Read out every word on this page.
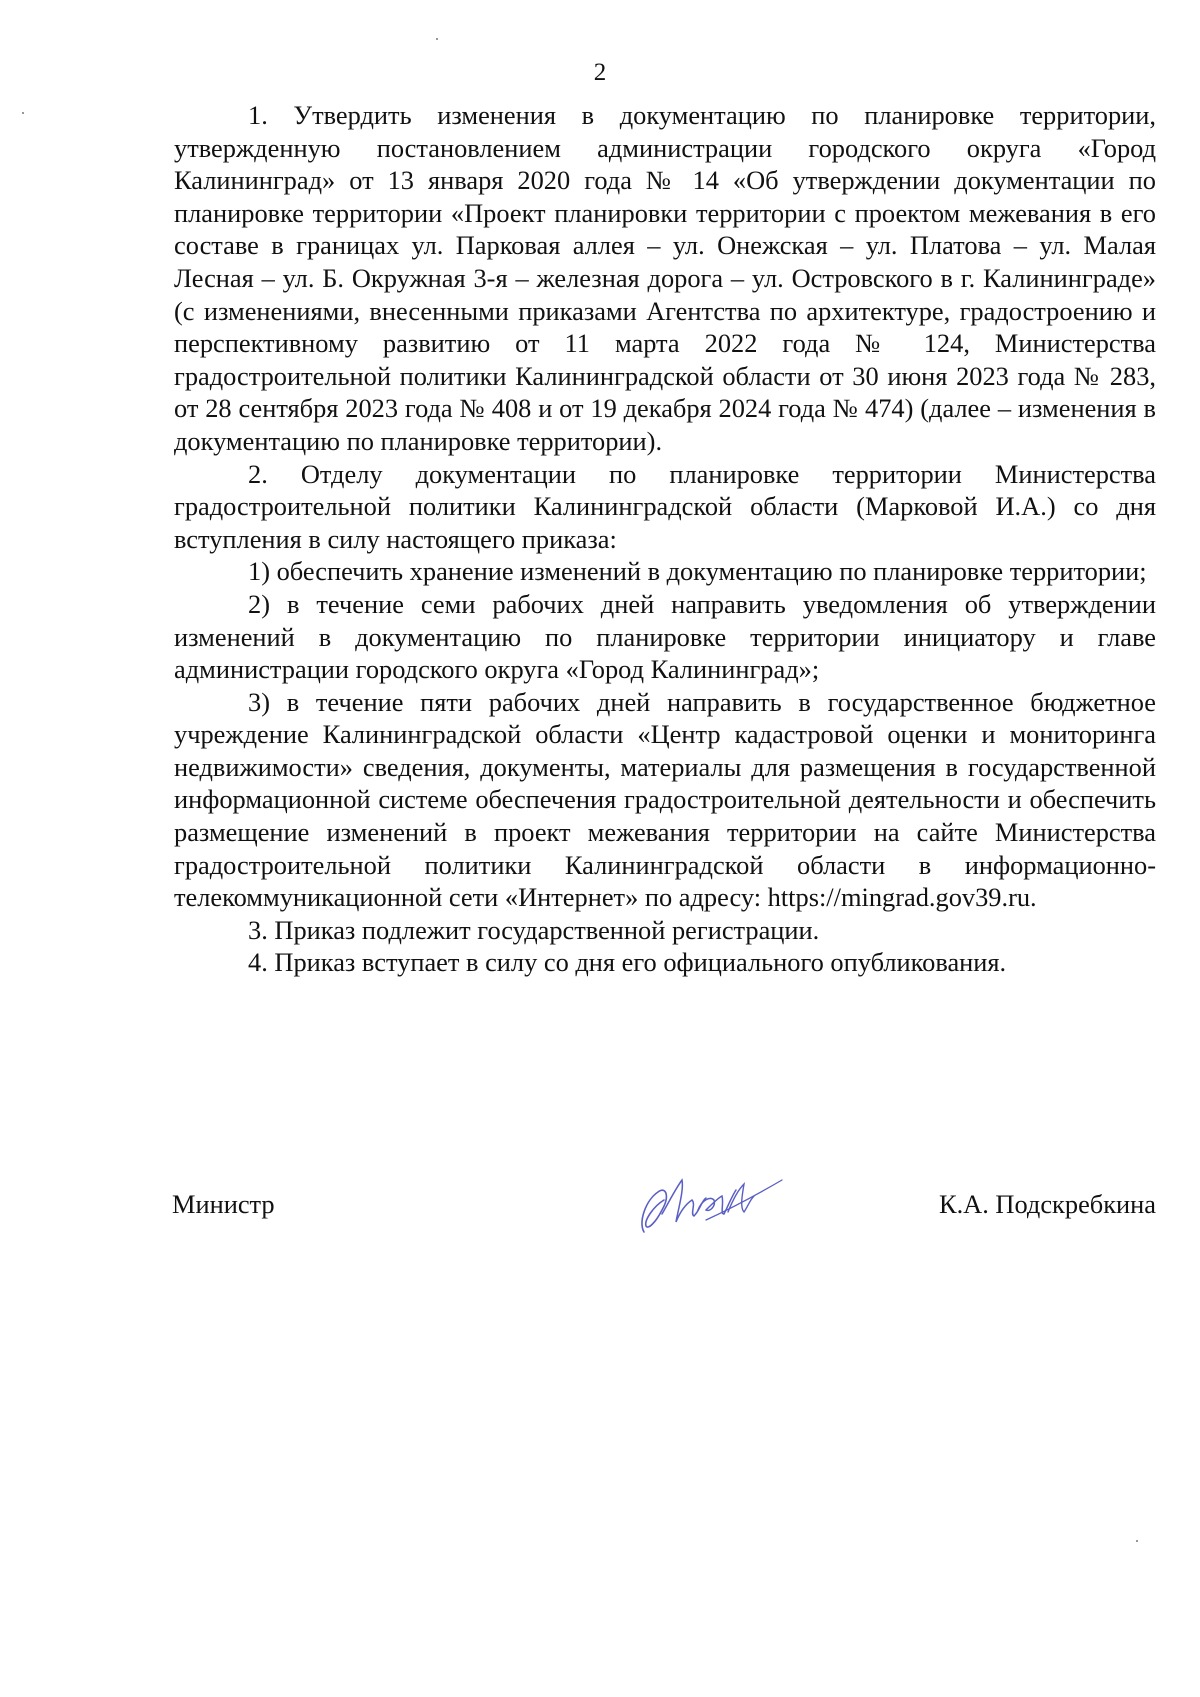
2

1. Утвердить изменения в документацию по планировке территории, утвержденную постановлением администрации городского округа «Город Калининград» от 13 января 2020 года № 14 «Об утверждении документации по планировке территории «Проект планировки территории с проектом межевания в его составе в границах ул. Парковая аллея – ул. Онежская – ул. Платова – ул. Малая Лесная – ул. Б. Окружная 3-я – железная дорога – ул. Островского в г. Калининграде» (с изменениями, внесенными приказами Агентства по архитектуре, градостроению и перспективному развитию от 11 марта 2022 года № 124, Министерства градостроительной политики Калининградской области от 30 июня 2023 года № 283, от 28 сентября 2023 года № 408 и от 19 декабря 2024 года № 474) (далее – изменения в документацию по планировке территории).

2. Отделу документации по планировке территории Министерства градостроительной политики Калининградской области (Марковой И.А.) со дня вступления в силу настоящего приказа:

1) обеспечить хранение изменений в документацию по планировке территории;

2) в течение семи рабочих дней направить уведомления об утверждении изменений в документацию по планировке территории инициатору и главе администрации городского округа «Город Калининград»;

3) в течение пяти рабочих дней направить в государственное бюджетное учреждение Калининградской области «Центр кадастровой оценки и мониторинга недвижимости» сведения, документы, материалы для размещения в государственной информационной системе обеспечения градостроительной деятельности и обеспечить размещение изменений в проект межевания территории на сайте Министерства градостроительной политики Калининградской области в информационно-телекоммуникационной сети «Интернет» по адресу: https://mingrad.gov39.ru.

3. Приказ подлежит государственной регистрации.

4. Приказ вступает в силу со дня его официального опубликования.

Министр	К.А. Подскребкина
